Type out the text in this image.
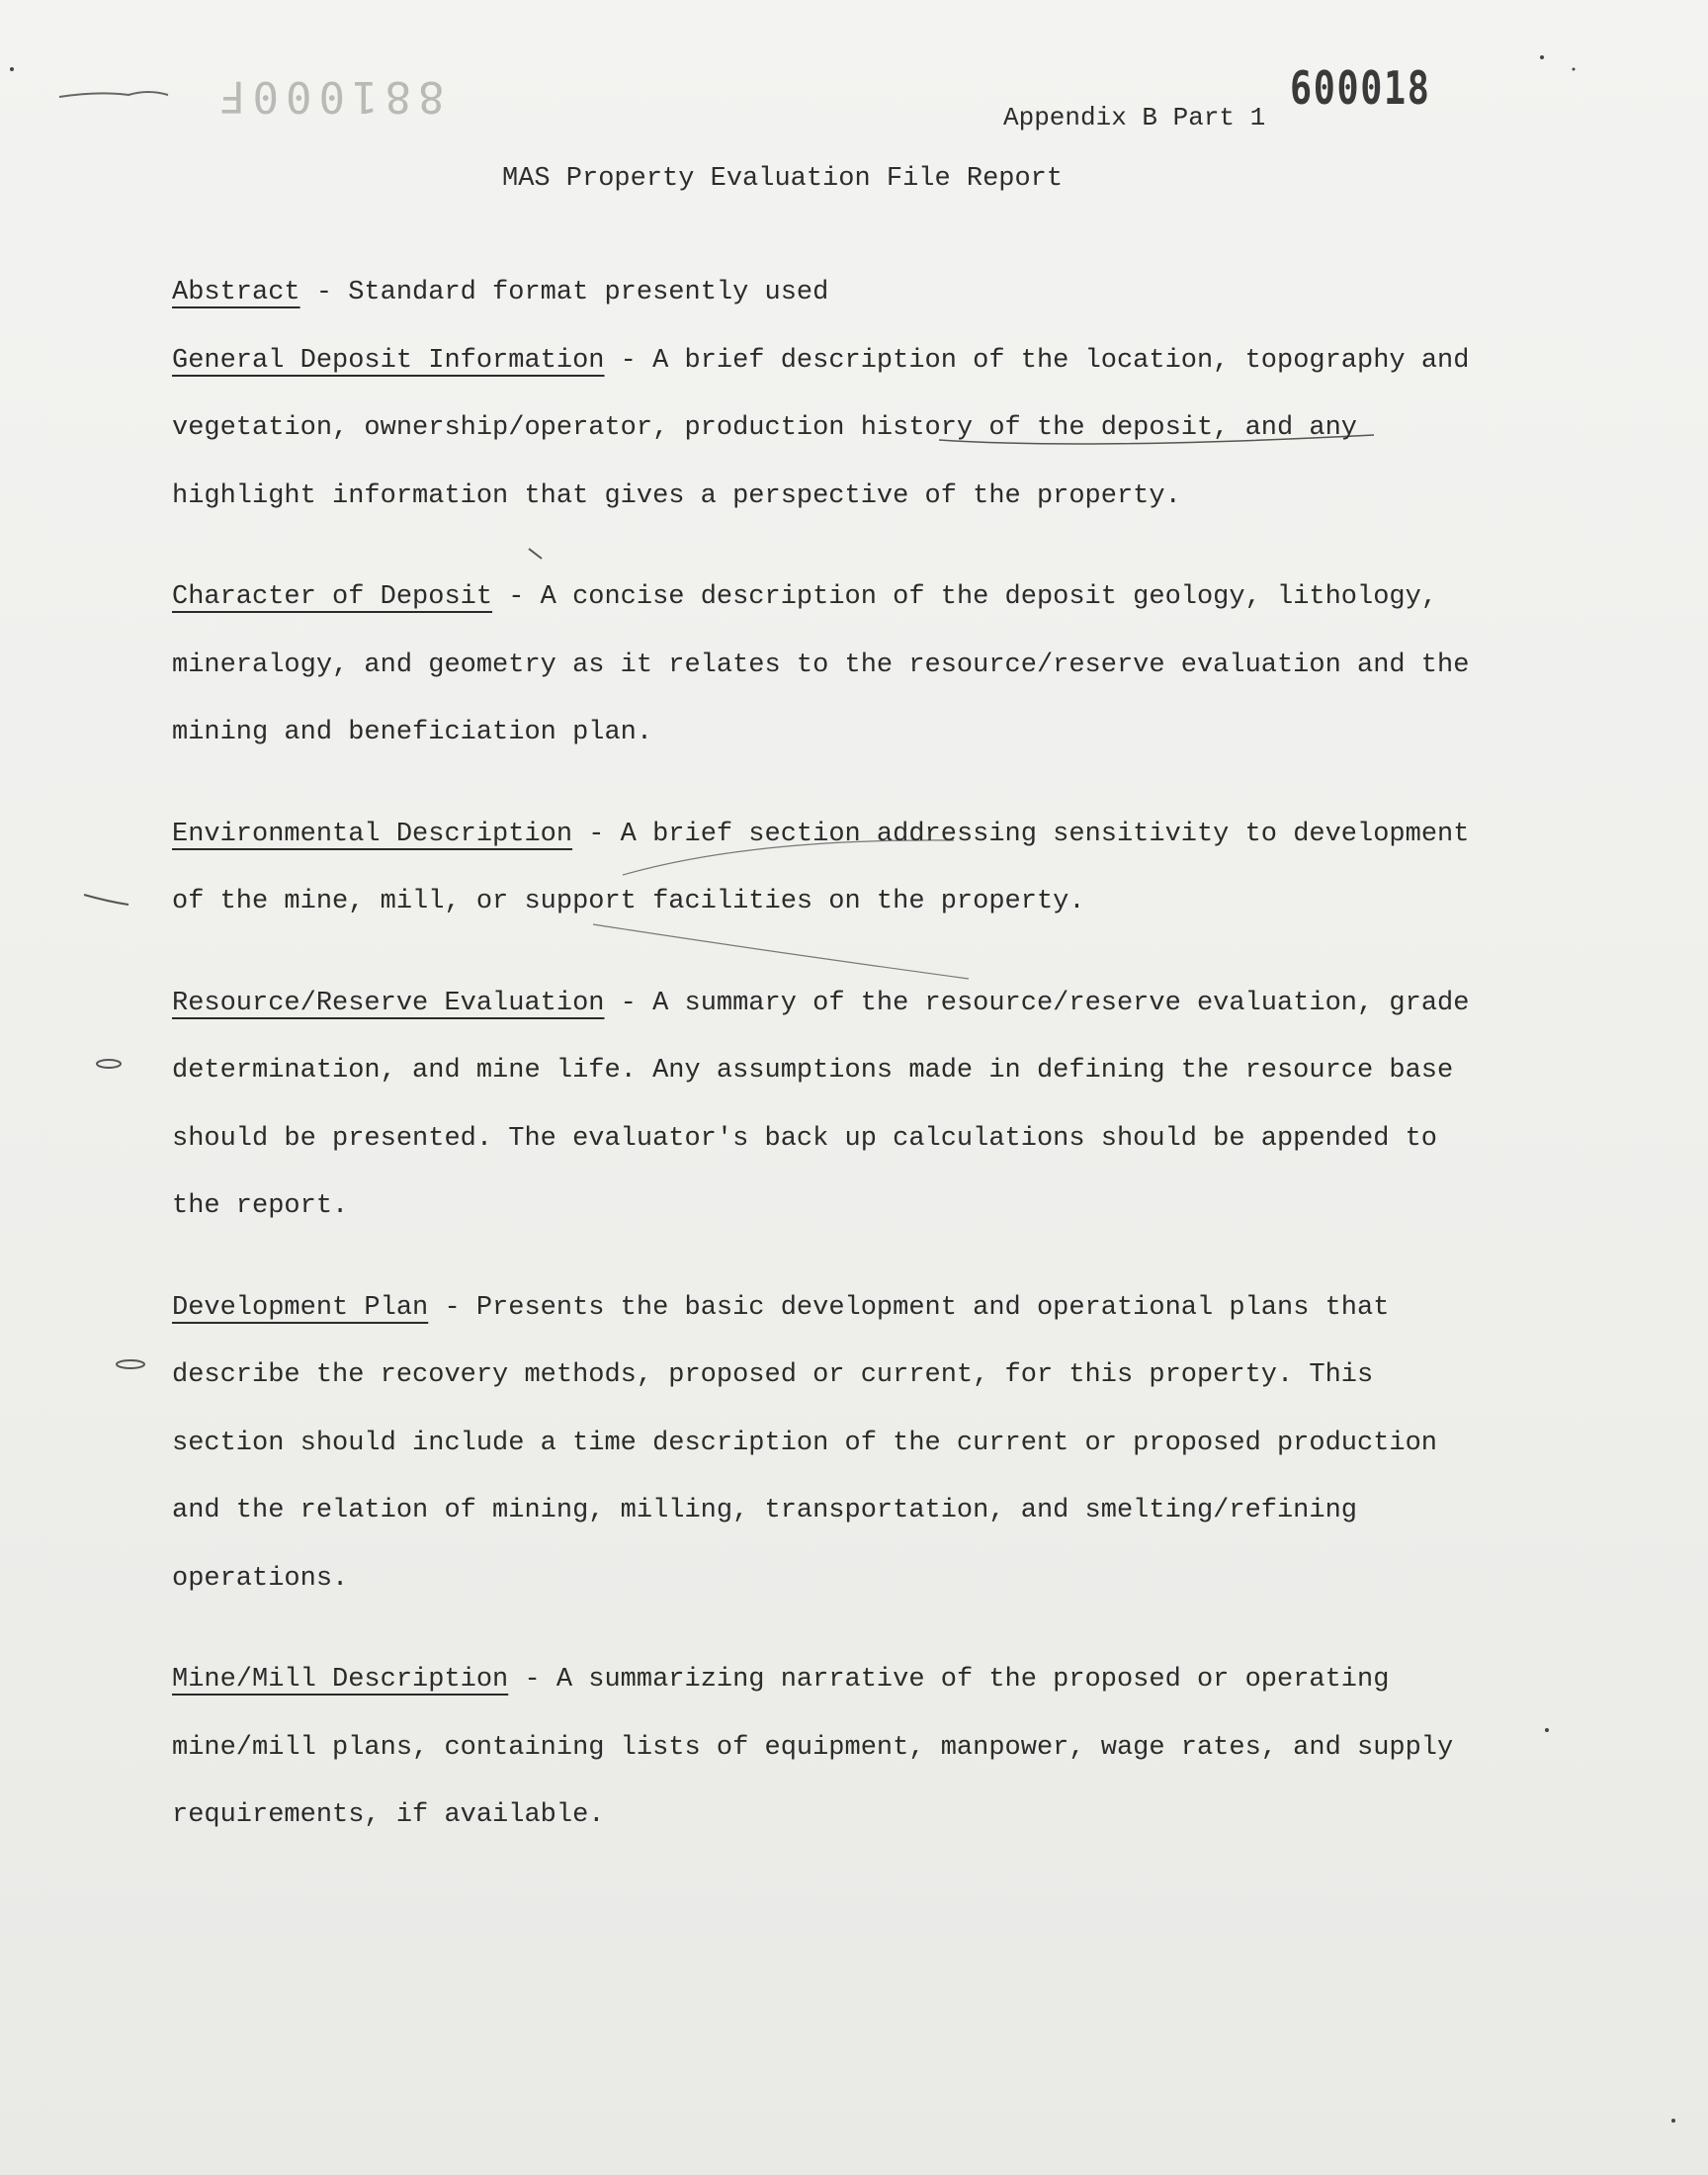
881000F	600018
Appendix B Part 1
MAS Property Evaluation File Report

Abstract - Standard format presently used

General Deposit Information - A brief description of the location, topography and vegetation, ownership/operator, production history of the deposit, and any highlight information that gives a perspective of the property.

Character of Deposit - A concise description of the deposit geology, lithology, mineralogy, and geometry as it relates to the resource/reserve evaluation and the mining and beneficiation plan.

Environmental Description - A brief section addressing sensitivity to development of the mine, mill, or support facilities on the property.

Resource/Reserve Evaluation - A summary of the resource/reserve evaluation, grade determination, and mine life. Any assumptions made in defining the resource base should be presented. The evaluator's back up calculations should be appended to the report.

Development Plan - Presents the basic development and operational plans that describe the recovery methods, proposed or current, for this property. This section should include a time description of the current or proposed production and the relation of mining, milling, transportation, and smelting/refining operations.

Mine/Mill Description - A summarizing narrative of the proposed or operating mine/mill plans, containing lists of equipment, manpower, wage rates, and supply requirements, if available.
